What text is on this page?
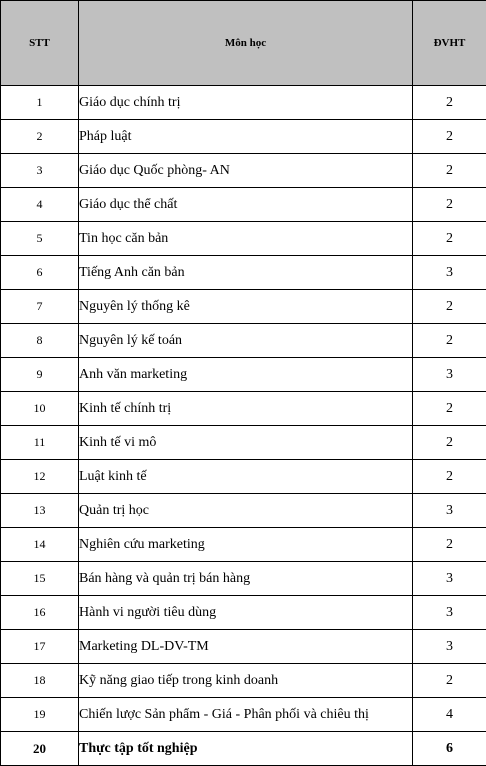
STT	Môn học	ĐVHT
1	Giáo dục chính trị	2
2	Pháp luật	2
3	Giáo dục Quốc phòng- AN	2
4	Giáo dục thể chất	2
5	Tin học căn bản	2
6	Tiếng Anh căn bản	3
7	Nguyên lý thống kê	2
8	Nguyên lý kế toán	2
9	Anh văn marketing	3
10	Kinh tế chính trị	2
11	Kinh tế vi mô	2
12	Luật kinh tế	2
13	Quản trị học	3
14	Nghiên cứu marketing	2
15	Bán hàng và quản trị bán hàng	3
16	Hành vi người tiêu dùng	3
17	Marketing DL-DV-TM	3
18	Kỹ năng giao tiếp trong kinh doanh	2
19	Chiến lược Sản phẩm - Giá - Phân phối và chiêu thị	4
20	Thực tập tốt nghiệp	6
